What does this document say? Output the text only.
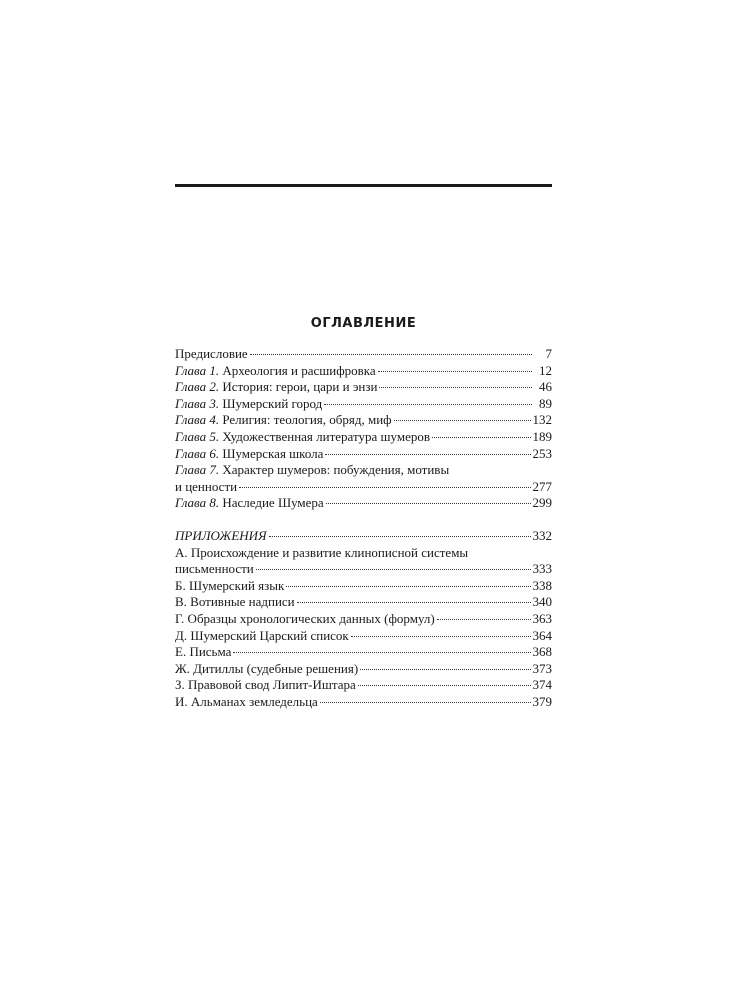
ОГЛАВЛЕНИЕ
Предисловие	7
Глава 1. Археология и расшифровка	12
Глава 2. История: герои, цари и энзи	46
Глава 3. Шумерский город	89
Глава 4. Религия: теология, обряд, миф	132
Глава 5. Художественная литература шумеров	189
Глава 6. Шумерская школа	253
Глава 7. Характер шумеров: побуждения, мотивы
и ценности	277
Глава 8. Наследие Шумера	299
ПРИЛОЖЕНИЯ	332
А. Происхождение и развитие клинописной системы
письменности	333
Б. Шумерский язык	338
В. Вотивные надписи	340
Г. Образцы хронологических данных (формул)	363
Д. Шумерский Царский список	364
Е. Письма	368
Ж. Дитиллы (судебные решения)	373
З. Правовой свод Липит-Иштара	374
И. Альманах земледельца	379
